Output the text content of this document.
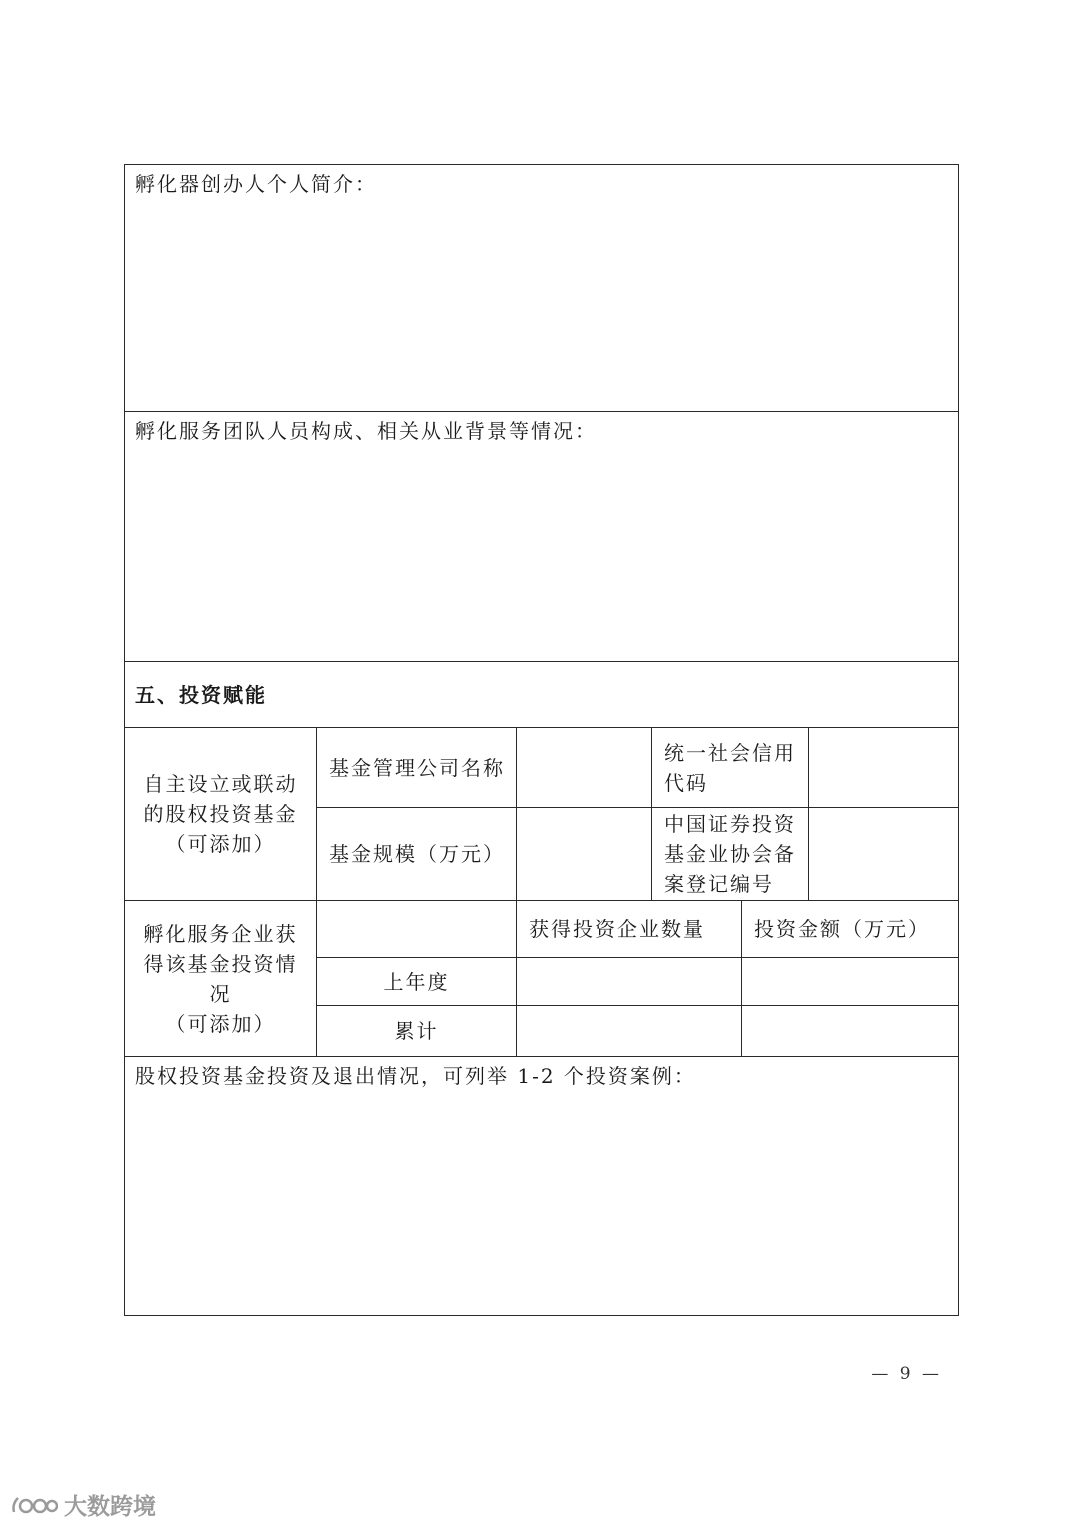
孵化器创办人个人简介：					
孵化服务团队人员构成、相关从业背景等情况：					
五、投资赋能					

自主设立或联动
的股权投资基金
（可添加）	基金管理公司名称		统一社会信用
代码		

	基金规模（万元）		中国证券投资
基金业协会备
案登记编号		

孵化服务企业获
得该基金投资情
况
（可添加）		获得投资企业数量		投资金额（万元）	
	上年度				
	累计				
股权投资基金投资及退出情况，可列举 1-2 个投资案例：					
— 9 —
大数跨境
